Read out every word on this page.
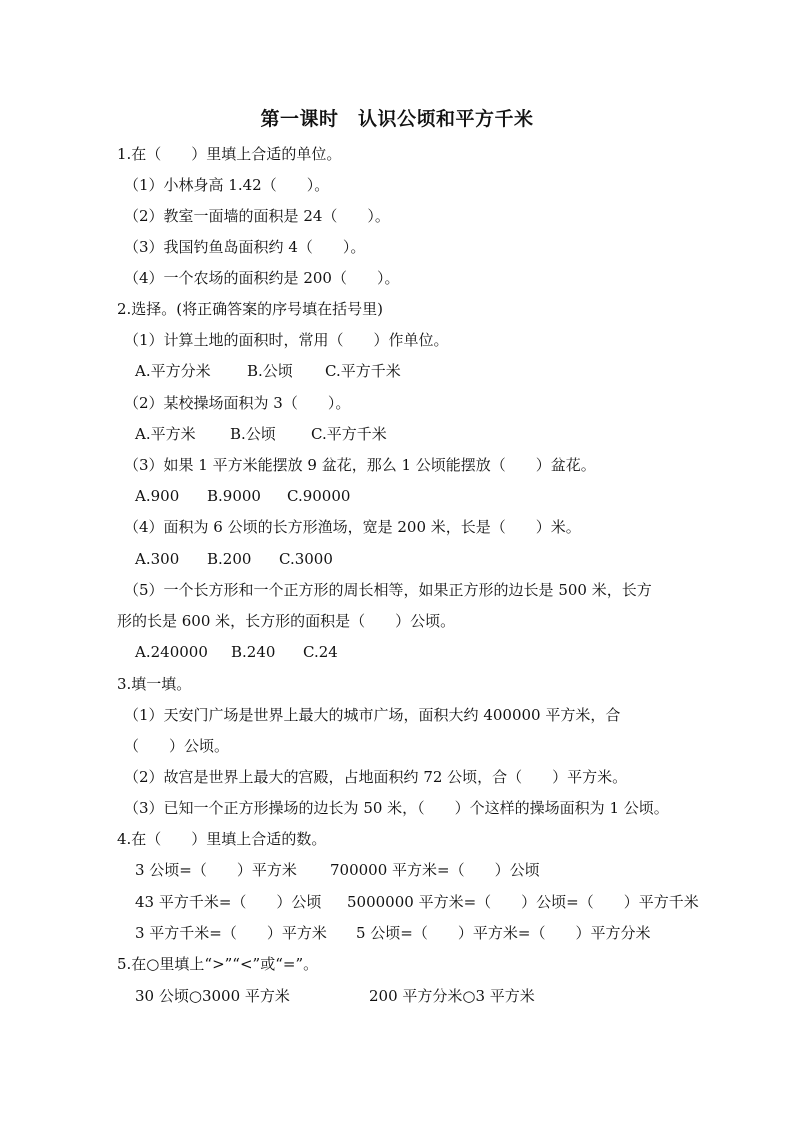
第一课时　认识公顷和平方千米
1.在（　　）里填上合适的单位。
（1）小林身高 1.42（　　）。
（2）教室一面墙的面积是 24（　　）。
（3）我国钓鱼岛面积约 4（　　）。
（4）一个农场的面积约是 200（　　）。
2.选择。(将正确答案的序号填在括号里)
（1）计算土地的面积时，常用（　　）作单位。
A.平方分米 B.公顷 C.平方千米
（2）某校操场面积为 3（　　）。
A.平方米 B.公顷 C.平方千米
（3）如果 1 平方米能摆放 9 盆花，那么 1 公顷能摆放（　　）盆花。
A.900 B.9000 C.90000
（4）面积为 6 公顷的长方形渔场，宽是 200 米，长是（　　）米。
A.300 B.200 C.3000
（5）一个长方形和一个正方形的周长相等，如果正方形的边长是 500 米，长方
形的长是 600 米，长方形的面积是（　　）公顷。
A.240000 B.240 C.24
3.填一填。
（1）天安门广场是世界上最大的城市广场，面积大约 400000 平方米，合
（　　）公顷。
（2）故宫是世界上最大的宫殿，占地面积约 72 公顷，合（　　）平方米。
（3）已知一个正方形操场的边长为 50 米，（　　）个这样的操场面积为 1 公顷。
4.在（　　）里填上合适的数。
3 公顷=（　　）平方米 700000 平方米=（　　）公顷
43 平方千米=（　　）公顷 5000000 平方米=（　　）公顷=（　　）平方千米
3 平方千米=（　　）平方米 5 公顷=（　　）平方米=（　　）平方分米
5.在○里填上“>”“<”或“=”。
30 公顷○3000 平方米	200 平方分米○3 平方米
